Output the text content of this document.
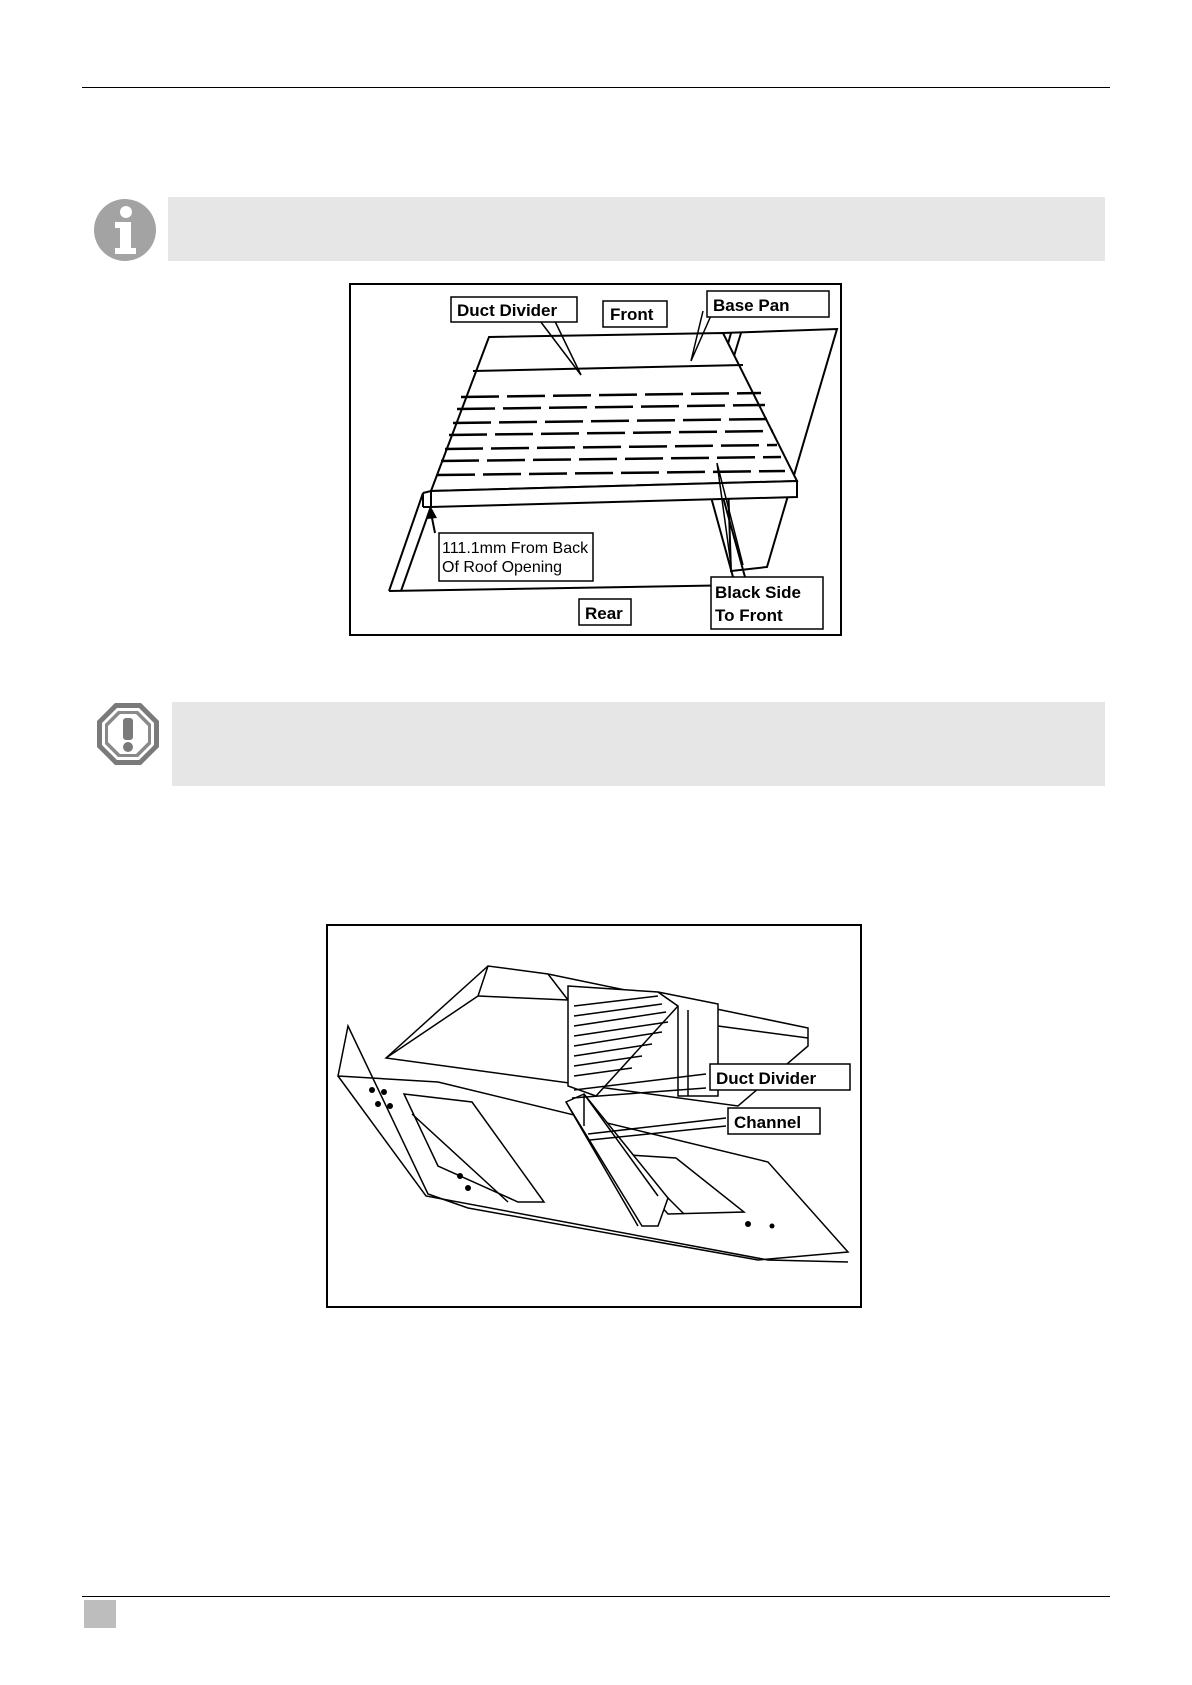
Duct Divider	Front	Base Pan
111.1mm From Back
Of Roof Opening
Rear
Black Side
To Front
Duct Divider
Channel
